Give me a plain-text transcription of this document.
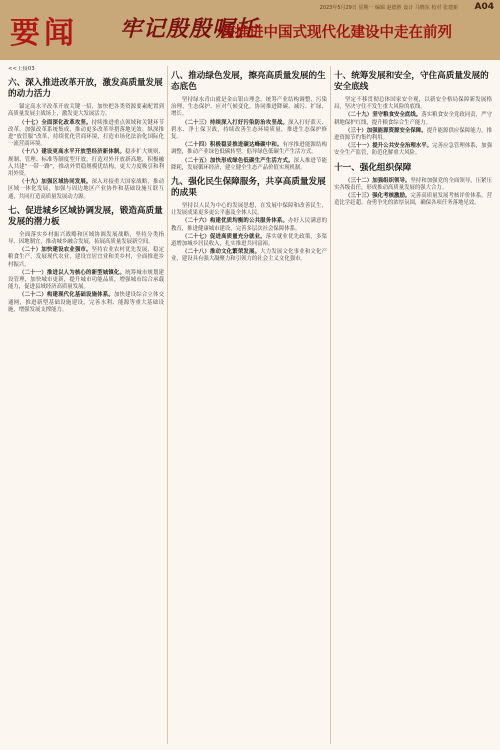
要闻
2023年5月29日 星期一 编辑 赵德胜 设计 马晓东 校对 张建新 A04
牢记殷殷嘱托
在推进中国式现代化建设中走在前列

<<上接03

六、深入推进改革开放，激发高质量发展的动力活力

锚定高水平改革开放关键一招，加快把各类资源要素配置到高质量发展主战场上，激发更大发展活力。

（十七）全面深化改革攻坚。持续推进重点领域和关键环节改革，加强改革系统集成，推动更多改革举措落地见效。纵深推进“放管服”改革，持续优化营商环境，打造市场化法治化国际化一流营商环境。

（十八）建设更高水平开放型经济新体制。稳步扩大规则、规制、管理、标准等制度型开放，打造对外开放新高地，积极融入共建“一带一路”，推动外贸稳规模优结构，更大力度吸引和利用外资。

（十九）加强区域协同发展。深入对接重大国家战略，推动区域一体化发展，加强与周边地区产业协作和基础设施互联互通，共同打造高质量发展动力源。

七、促进城乡区域协调发展，锻造高质量发展的潜力板

全面落实乡村振兴战略和区域协调发展战略，坚持分类指导、因地制宜，推动城乡融合发展，拓展高质量发展新空间。

（二十）加快建设农业强市。坚持农业农村优先发展，稳定粮食生产，发展现代农业，建设宜居宜业和美乡村，全面推进乡村振兴。

（二十一）推进以人为核心的新型城镇化。统筹城市规划建设管理，加快城市更新，提升城市功能品质，增强城市综合承载能力，促进县域经济高质量发展。

（二十二）构建现代化基础设施体系。加快建设综合立体交通网，推进新型基础设施建设，完善水利、能源等重大基础设施，增强发展支撑能力。

八、推动绿色发展，擦亮高质量发展的生态底色

坚持绿水青山就是金山银山理念，统筹产业结构调整、污染治理、生态保护、应对气候变化，协同推进降碳、减污、扩绿、增长。

（二十三）持续深入打好污染防治攻坚战。深入打好蓝天、碧水、净土保卫战，持续改善生态环境质量，推进生态保护修复。

（二十四）积极稳妥推进碳达峰碳中和。有序推进能源结构调整，推动产业绿色低碳转型，倡导绿色低碳生产生活方式。

（二十五）加快形成绿色低碳生产生活方式。深入推进节能降耗，发展循环经济，建立健全生态产品价值实现机制。

九、强化民生保障服务，共享高质量发展的成果

坚持以人民为中心的发展思想，在发展中保障和改善民生，让发展成果更多更公平惠及全体人民。

（二十六）构建优质均衡的公共服务体系。办好人民满意的教育，推进健康城市建设，完善多层次社会保障体系。

（二十七）促进高质量充分就业。落实就业优先政策，多渠道增加城乡居民收入，扎实推进共同富裕。

（二十八）推动文化繁荣发展。大力发展文化事业和文化产业，建设具有强大凝聚力和引领力的社会主义文化强市。

十、统筹发展和安全，守住高质量发展的安全底线

坚定不移贯彻总体国家安全观，以新安全格局保障新发展格局，坚决守住不发生重大风险的底线。

（二十九）坚守粮食安全底线。落实粮食安全党政同责，严守耕地保护红线，提升粮食综合生产能力。

（三十）加强能源资源安全保障。提升能源供应保障能力，推进资源节约集约利用。

（三十一）提升公共安全治理水平。完善应急管理体系，加强安全生产监管，防范化解重大风险。

十一、强化组织保障

（三十二）加强组织领导。坚持和加强党的全面领导，压紧压实各级责任，形成推动高质量发展的强大合力。

（三十三）强化考核激励。完善高质量发展考核评价体系，营造比学赶超、奋勇争先的浓厚氛围，确保各项任务落地见效。
